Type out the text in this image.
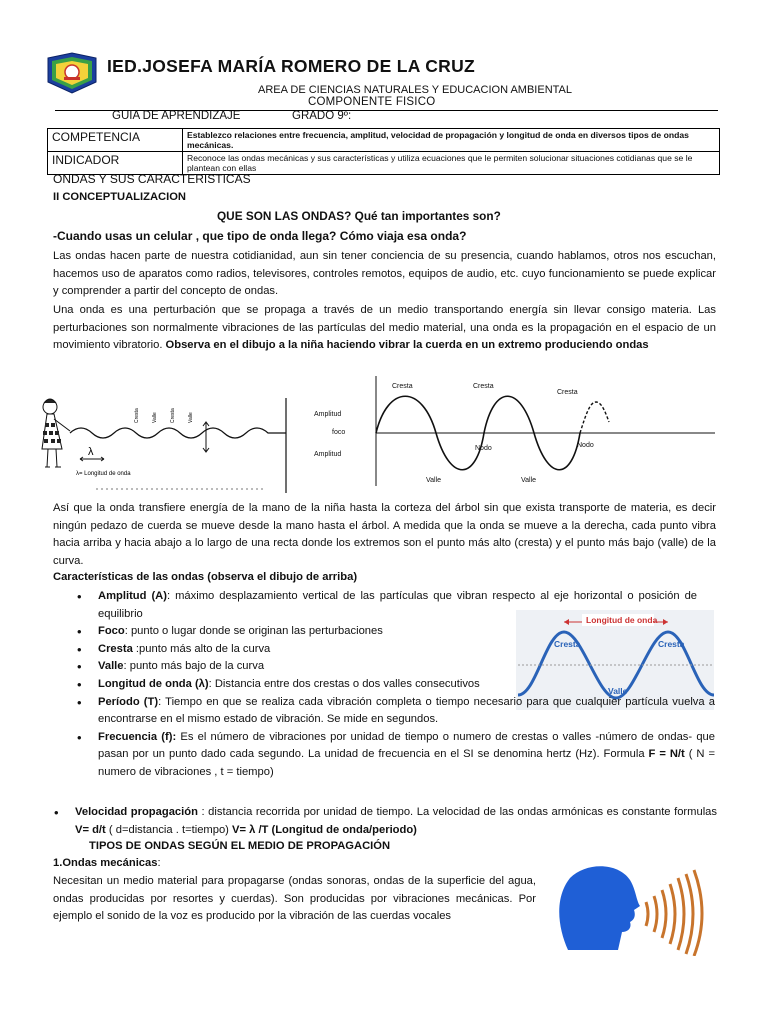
IED.JOSEFA MARÍA ROMERO DE LA CRUZ
AREA DE CIENCIAS NATURALES Y EDUCACION AMBIENTAL
COMPONENTE FISICO
GUIA DE APRENDIZAJE	GRADO 9º:
COMPETENCIA	Establezco relaciones entre frecuencia, amplitud, velocidad de propagación y longitud de onda en diversos tipos de ondas mecánicas.
INDICADOR	Reconoce las ondas mecánicas y sus características y utiliza ecuaciones que le permiten solucionar situaciones cotidianas que se le plantean con ellas
ONDAS Y SUS CARACTERISTICAS
II CONCEPTUALIZACION
QUE SON LAS ONDAS? Qué tan importantes son?
-Cuando usas un celular , que tipo de onda llega? Cómo viaja esa onda?
Las ondas hacen parte de nuestra cotidianidad, aun sin tener conciencia de su presencia, cuando hablamos, otros nos escuchan, hacemos uso de aparatos como radios, televisores, controles remotos, equipos de audio, etc. cuyo funcionamiento se puede explicar y comprender a partir del concepto de ondas.
Una onda es una perturbación que se propaga a través de un medio transportando energía sin llevar consigo materia. Las perturbaciones son normalmente vibraciones de las partículas del medio material, una onda es la propagación en el espacio de un movimiento vibratorio. Observa en el dibujo a la niña haciendo vibrar la cuerda en un extremo produciendo ondas
λ
λ= Longitud de onda
Cresta Valle Cresta Valle	Amplitud
foco
Amplitud
Cresta	Cresta
Cresta
Nodo	Nodo
Valle	Valle
Así que la onda transfiere energía de la mano de la niña hasta la corteza del árbol sin que exista transporte de materia, es decir ningún pedazo de cuerda se mueve desde la mano hasta el árbol. A medida que la onda se mueve a la derecha, cada punto vibra hacia arriba y hacia abajo a lo largo de una recta donde los extremos son el punto más alto (cresta) y el punto más bajo (valle) de la curva.
Características de las ondas (observa el dibujo de arriba)
Longitud de onda
Cresta	Cresta
Valle
• Amplitud (A): máximo desplazamiento vertical de las partículas que vibran respecto al eje horizontal o posición de equilibrio
• Foco: punto o lugar donde se originan las perturbaciones
• Cresta :punto más alto de la curva
• Valle: punto más bajo de la curva
• Longitud de onda (λ): Distancia entre dos crestas o dos valles consecutivos
• Período (T): Tiempo en que se realiza cada vibración completa o tiempo necesario para que cualquier partícula vuelva a encontrarse en el mismo estado de vibración. Se mide en segundos.
• Frecuencia (f): Es el número de vibraciones por unidad de tiempo o numero de crestas o valles -número de ondas- que pasan por un punto dado cada segundo. La unidad de frecuencia en el SI se denomina hertz (Hz). Formula F = N/t ( N = numero de vibraciones , t = tiempo)
• Velocidad propagación : distancia recorrida por unidad de tiempo. La velocidad de las ondas armónicas es constante formulas V= d/t ( d=distancia . t=tiempo) V= λ /T (Longitud de onda/periodo)
TIPOS DE ONDAS SEGÚN EL MEDIO DE PROPAGACIÓN
1.Ondas mecánicas:
Necesitan un medio material para propagarse (ondas sonoras, ondas de la superficie del agua, ondas producidas por resortes y cuerdas). Son producidas por vibraciones mecánicas. Por ejemplo el sonido de la voz es producido por la vibración de las cuerdas vocales
